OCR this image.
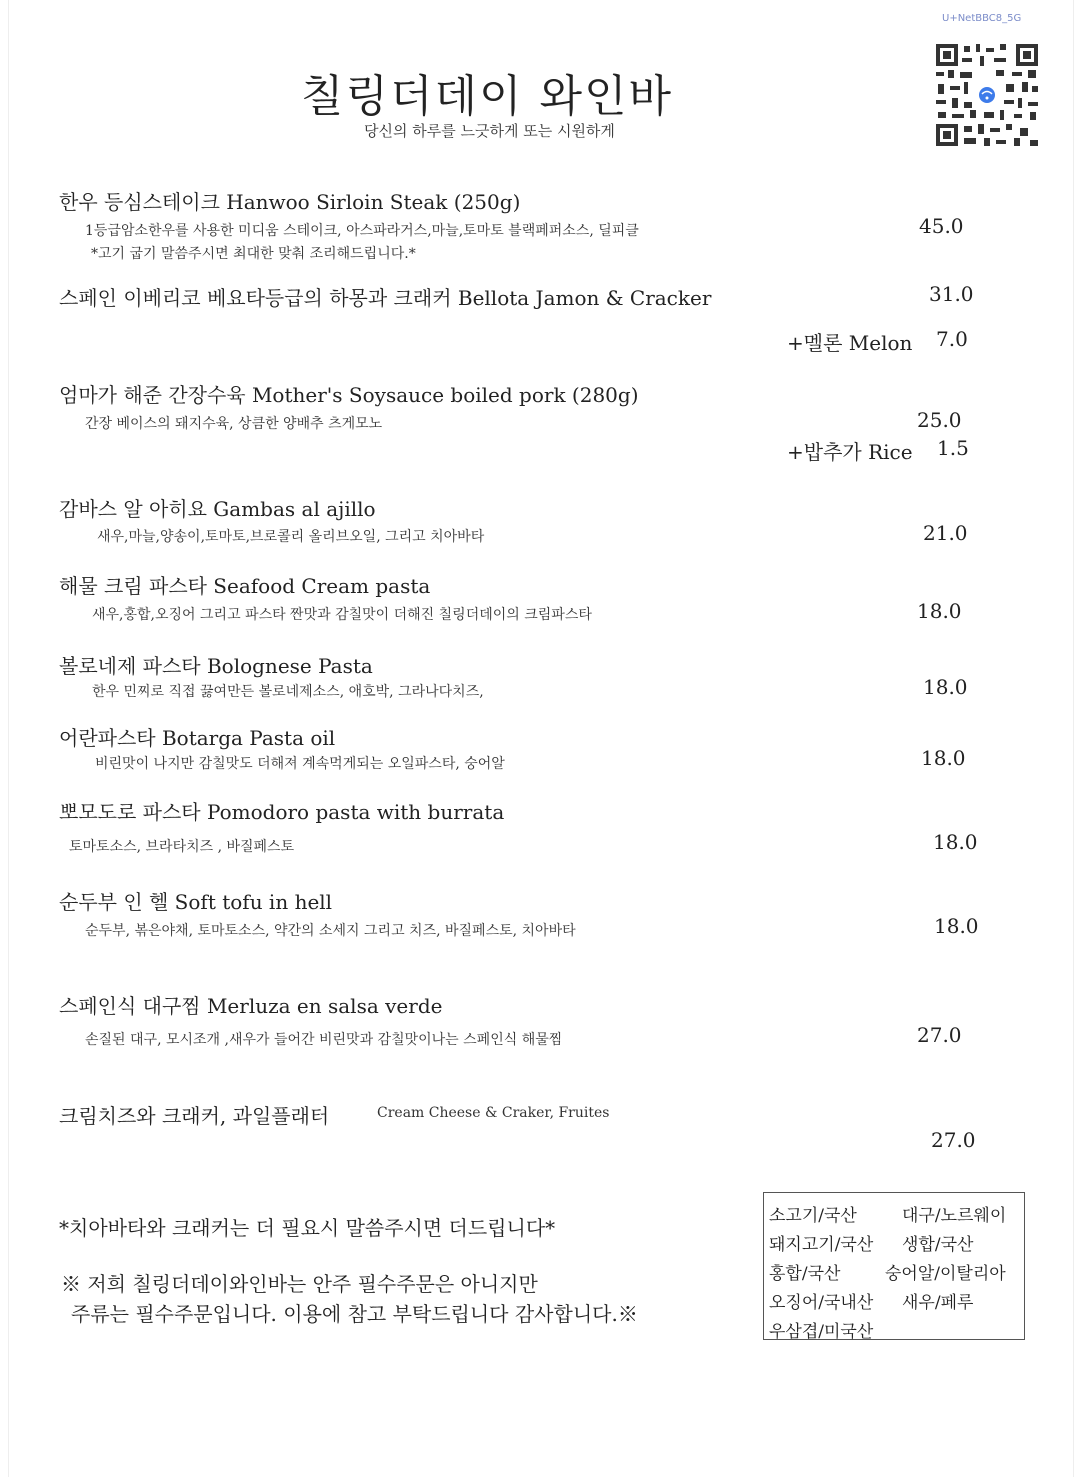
U+NetBBC8_5G
칠링더데이 와인바
당신의 하루를 느긋하게 또는 시원하게
한우 등심스테이크 Hanwoo Sirloin Steak (250g)
1등급암소한우를 사용한 미디움 스테이크, 아스파라거스,마늘,토마토 블랙페퍼소스, 딜피클
*고기 굽기 말씀주시면 최대한 맞춰 조리해드립니다.*
45.0
스페인 이베리코 베요타등급의 하몽과 크래커 Bellota Jamon & Cracker	31.0
+멜론 Melon 7.0
엄마가 해준 간장수육 Mother's Soysauce boiled pork (280g)
간장 베이스의 돼지수육, 상큼한 양배추 츠게모노	25.0
+밥추가 Rice 1.5
감바스 알 아히요 Gambas al ajillo
새우,마늘,양송이,토마토,브로콜리 올리브오일, 그리고 치아바타	21.0
해물 크림 파스타 Seafood Cream pasta
새우,홍합,오징어 그리고 파스타 짠맛과 감칠맛이 더해진 칠링더데이의 크림파스타	18.0
볼로네제 파스타 Bolognese Pasta
한우 민찌로 직접 끓여만든 볼로네제소스, 애호박, 그라나다치즈,	18.0
어란파스타 Botarga Pasta oil
비린맛이 나지만 감칠맛도 더해져 계속먹게되는 오일파스타, 숭어알	18.0
뽀모도로 파스타 Pomodoro pasta with burrata
토마토소스, 브라타치즈 , 바질페스토	18.0
순두부 인 헬 Soft tofu in hell
순두부, 볶은야채, 토마토소스, 약간의 소세지 그리고 치즈, 바질페스토, 치아바타	18.0
스페인식 대구찜 Merluza en salsa verde
손질된 대구, 모시조개 ,새우가 들어간 비린맛과 감칠맛이나는 스페인식 해물찜	27.0
크림치즈와 크래커, 과일플래터	Cream Cheese & Craker, Fruites
27.0
*치아바타와 크래커는 더 필요시 말씀주시면 더드립니다*
※ 저희 칠링더데이와인바는 안주 필수주문은 아니지만
주류는 필수주문입니다. 이용에 참고 부탁드립니다 감사합니다.※
소고기/국산	대구/노르웨이
돼지고기/국산 생합/국산
홍합/국산	숭어알/이탈리아
오징어/국내산 새우/페루
우삼겹/미국산
